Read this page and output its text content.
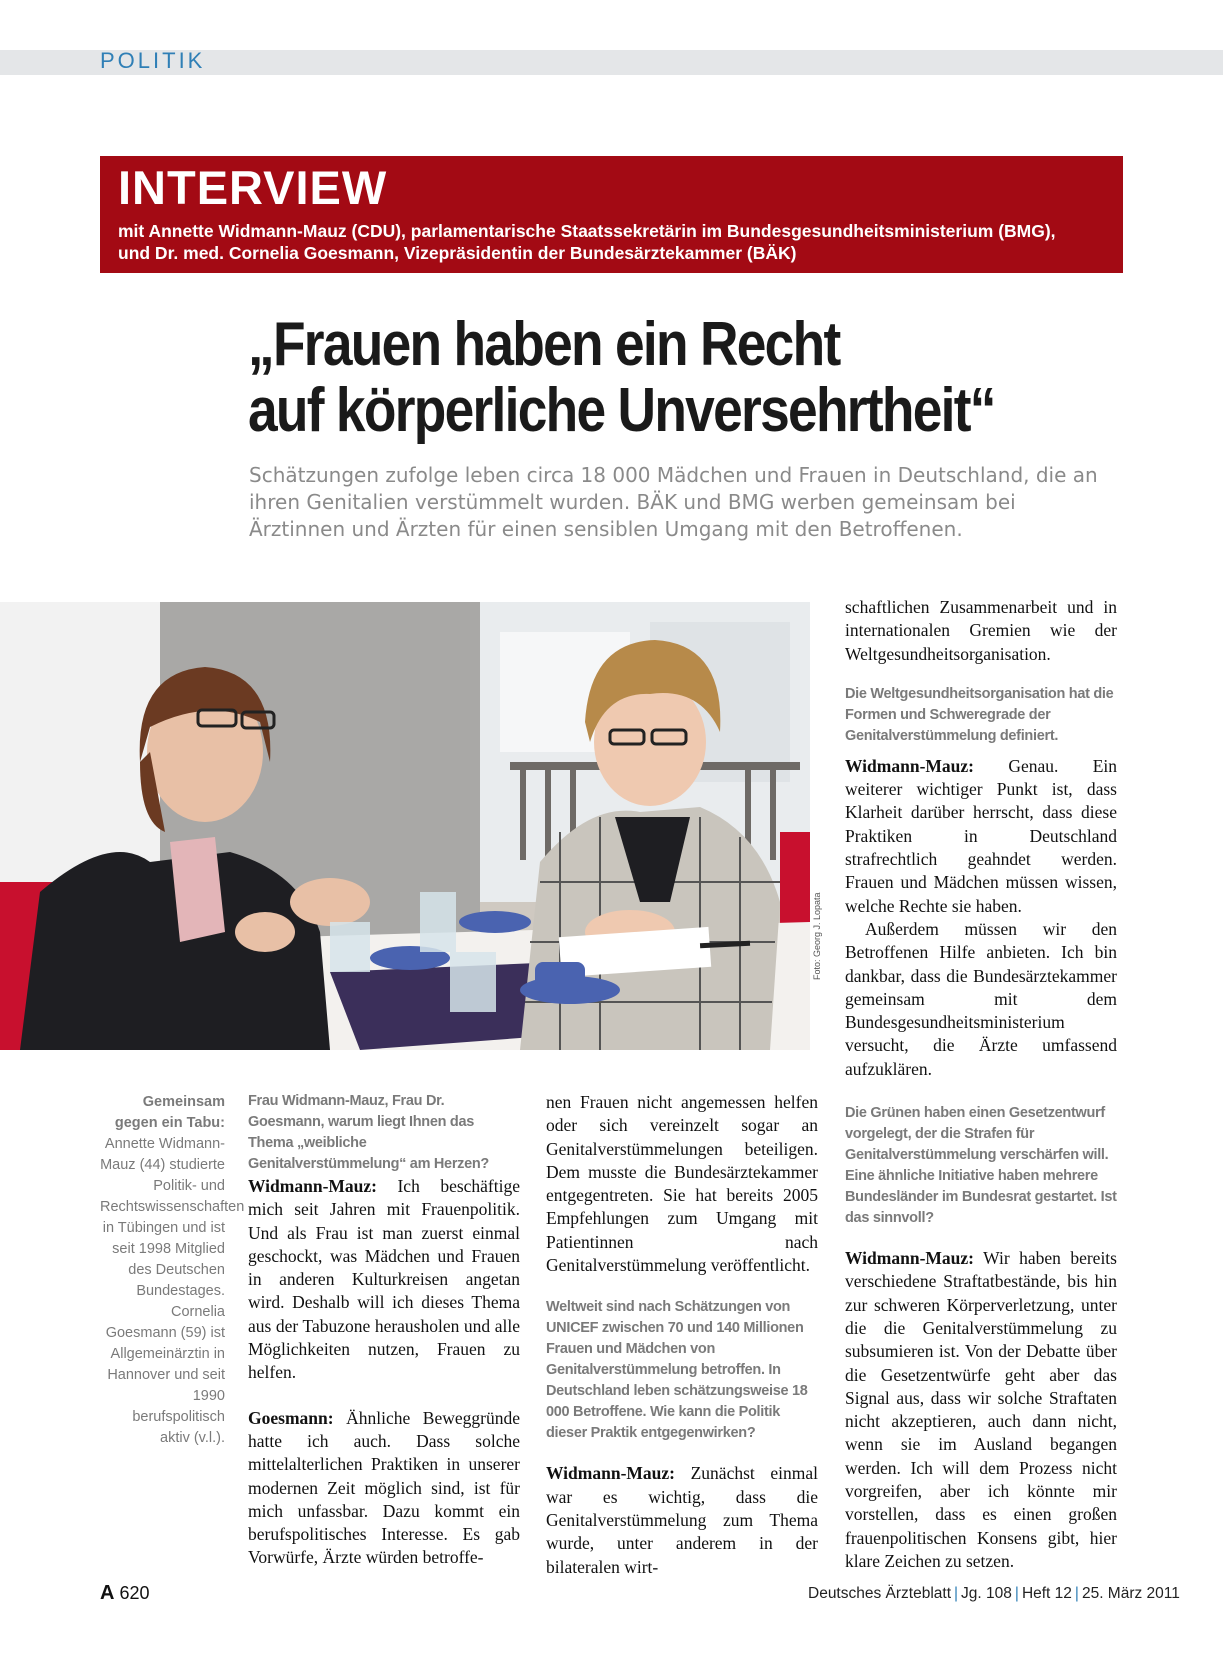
POLITIK
INTERVIEW
mit Annette Widmann-Mauz (CDU), parlamentarische Staatssekretärin im Bundesgesundheitsministerium (BMG),
und Dr. med. Cornelia Goesmann, Vizepräsidentin der Bundesärztekammer (BÄK)
„Frauen haben ein Recht
auf körperliche Unversehrtheit“
Schätzungen zufolge leben circa 18 000 Mädchen und Frauen in Deutschland, die an ihren Genitalien verstümmelt wurden. BÄK und BMG werben gemeinsam bei Ärztinnen und Ärzten für einen sensiblen Umgang mit den Betroffenen.
Foto: Georg J. Lopata
Gemeinsam gegen ein Tabu: Annette Widmann-Mauz (44) studierte Politik- und Rechtswissenschaften in Tübingen und ist seit 1998 Mitglied des Deutschen Bundestages. Cornelia Goesmann (59) ist Allgemeinärztin in Hannover und seit 1990 berufspolitisch aktiv (v.l.).

Frau Widmann-Mauz, Frau Dr. Goesmann, warum liegt Ihnen das Thema „weibliche Genitalverstümmelung“ am Herzen?

Widmann-Mauz: Ich beschäftige mich seit Jahren mit Frauenpolitik. Und als Frau ist man zuerst einmal geschockt, was Mädchen und Frauen in anderen Kulturkreisen angetan wird. Deshalb will ich dieses Thema aus der Tabuzone herausholen und alle Möglichkeiten nutzen, Frauen zu helfen.

Goesmann: Ähnliche Beweggründe hatte ich auch. Dass solche mittelalterlichen Praktiken in unserer modernen Zeit möglich sind, ist für mich unfassbar. Dazu kommt ein berufspolitisches Interesse. Es gab Vorwürfe, Ärzte würden betroffe-

nen Frauen nicht angemessen helfen oder sich vereinzelt sogar an Genitalverstümmelungen beteiligen. Dem musste die Bundesärztekammer entgegentreten. Sie hat bereits 2005 Empfehlungen zum Umgang mit Patientinnen nach Genitalverstümmelung veröffentlicht.

Weltweit sind nach Schätzungen von UNICEF zwischen 70 und 140 Millionen Frauen und Mädchen von Genitalverstümmelung betroffen. In Deutschland leben schätzungsweise 18 000 Betroffene. Wie kann die Politik dieser Praktik entgegenwirken?

Widmann-Mauz: Zunächst einmal war es wichtig, dass die Genitalverstümmelung zum Thema wurde, unter anderem in der bilateralen wirt-

schaftlichen Zusammenarbeit und in internationalen Gremien wie der Weltgesundheitsorganisation.

Die Weltgesundheitsorganisation hat die Formen und Schweregrade der Genitalverstümmelung definiert.

Widmann-Mauz: Genau. Ein weiterer wichtiger Punkt ist, dass Klarheit darüber herrscht, dass diese Praktiken in Deutschland strafrechtlich geahndet werden. Frauen und Mädchen müssen wissen, welche Rechte sie haben.

Außerdem müssen wir den Betroffenen Hilfe anbieten. Ich bin dankbar, dass die Bundesärztekammer gemeinsam mit dem Bundesgesundheitsministerium versucht, die Ärzte umfassend aufzuklären.

Die Grünen haben einen Gesetzentwurf vorgelegt, der die Strafen für Genitalverstümmelung verschärfen will. Eine ähnliche Initiative haben mehrere Bundesländer im Bundesrat gestartet. Ist das sinnvoll?

Widmann-Mauz: Wir haben bereits verschiedene Straftatbestände, bis hin zur schweren Körperverletzung, unter die die Genitalverstümmelung zu subsumieren ist. Von der Debatte über die Gesetzentwürfe geht aber das Signal aus, dass wir solche Straftaten nicht akzeptieren, auch dann nicht, wenn sie im Ausland begangen werden. Ich will dem Prozess nicht vorgreifen, aber ich könnte mir vorstellen, dass es einen großen frauenpolitischen Konsens gibt, hier klare Zeichen zu setzen.

A 620	Deutsches Ärzteblatt | Jg. 108 | Heft 12 | 25. März 2011
